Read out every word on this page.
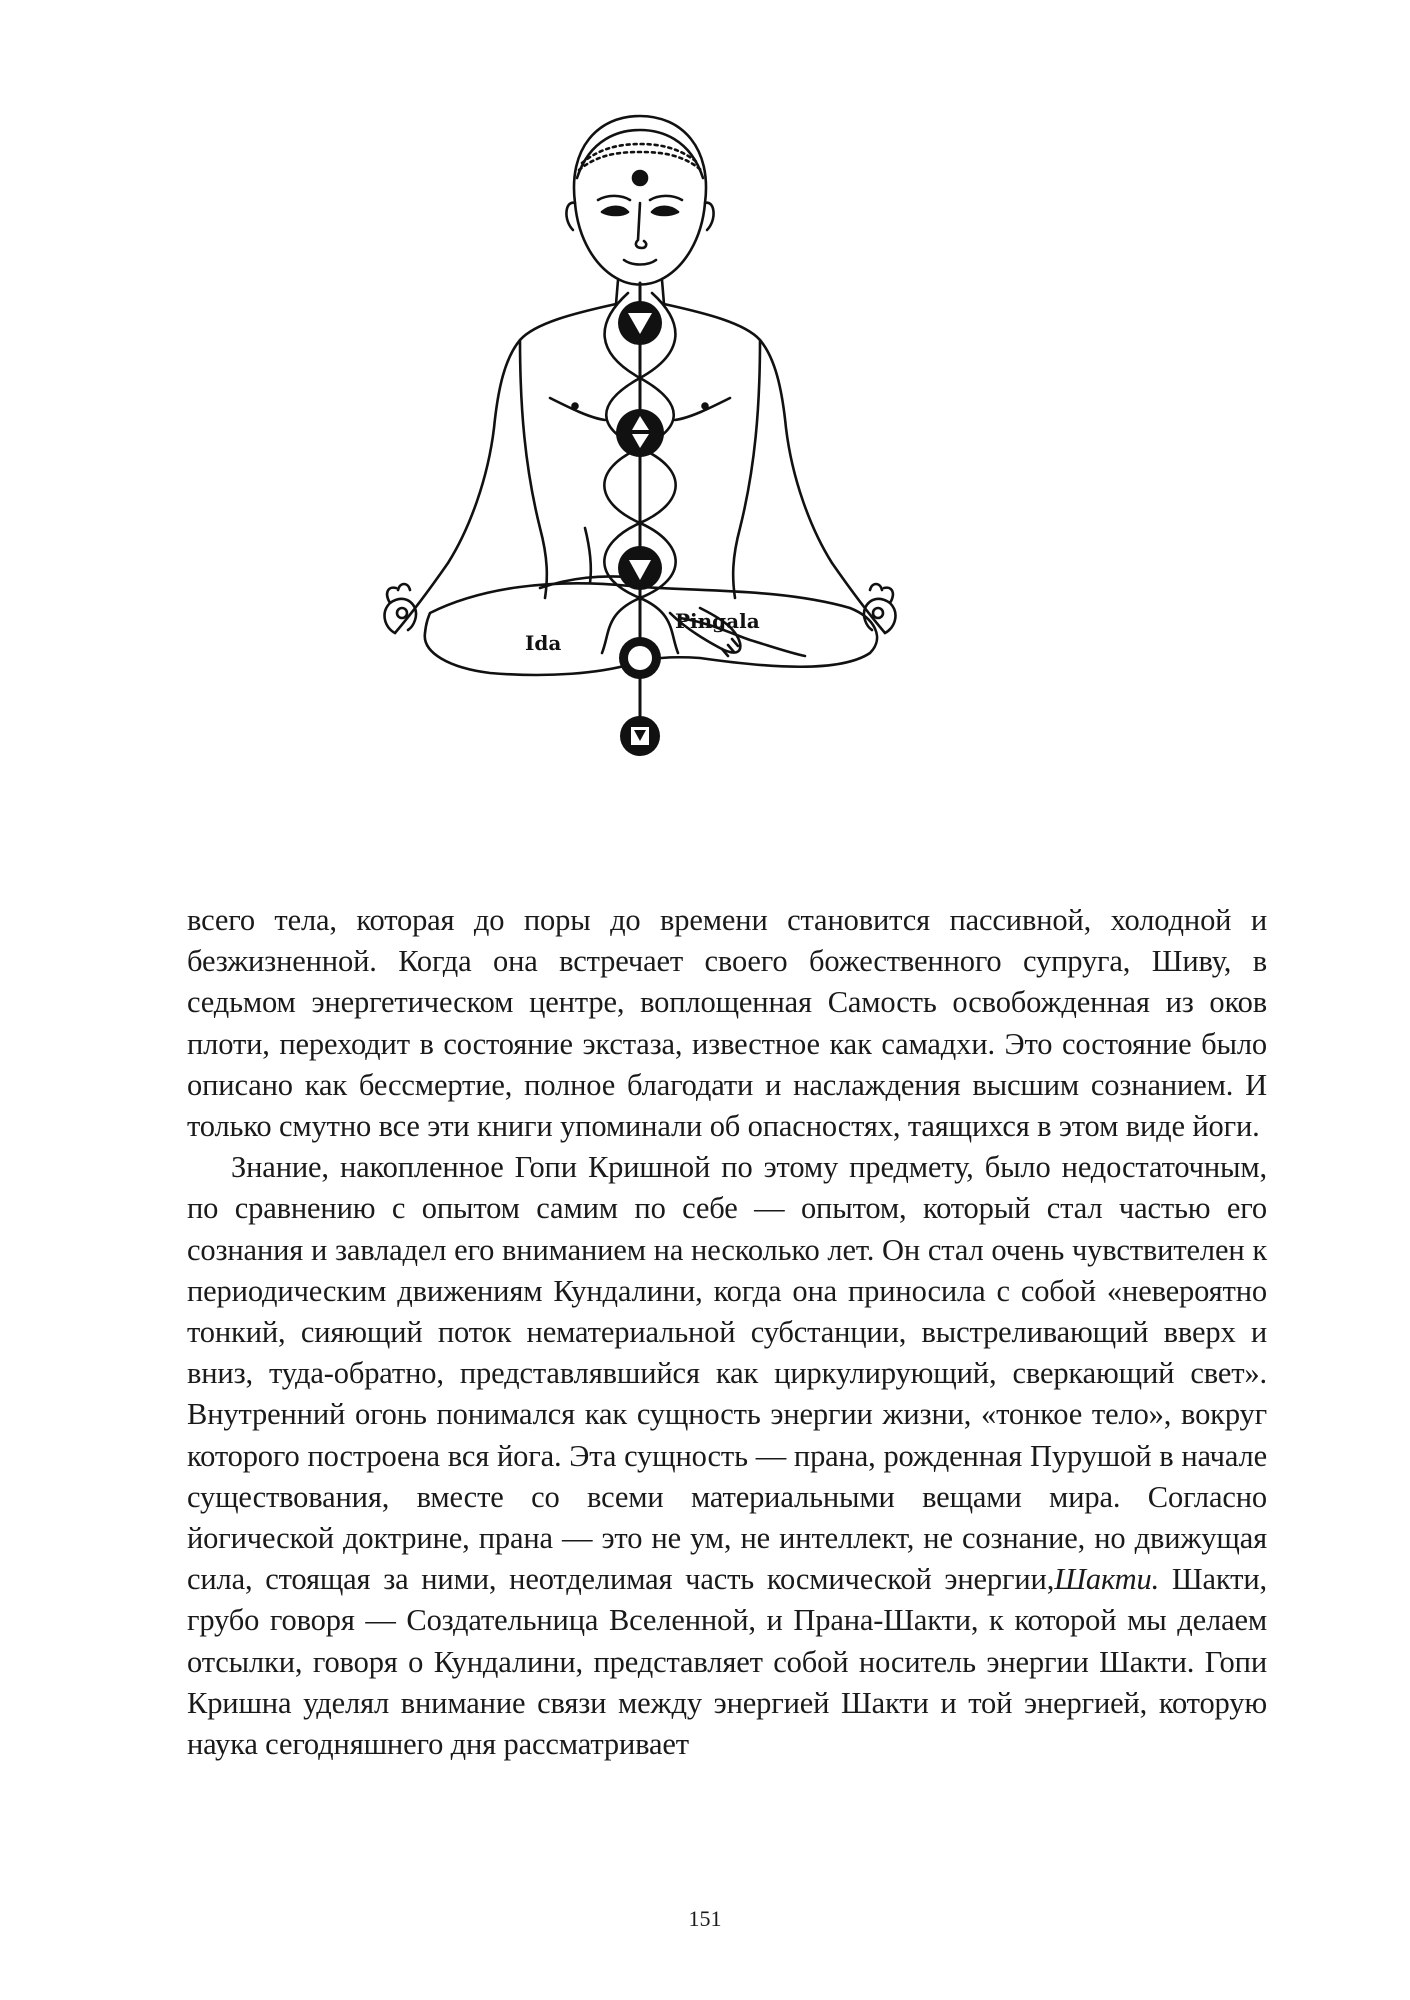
Ida
Pingala

всего тела, которая до поры до времени становится пассивной, холодной и безжизненной. Когда она встречает своего божественного супруга, Шиву, в седьмом энергетическом центре, воплощенная Самость освобожденная из оков плоти, переходит в состояние экстаза, известное как самадхи. Это состояние было описано как бессмертие, полное благодати и наслаждения высшим сознанием. И только смутно все эти книги упоминали об опасностях, таящихся в этом виде йоги.

Знание, накопленное Гопи Кришной по этому предмету, было недостаточным, по сравнению с опытом самим по себе — опытом, который стал частью его сознания и завладел его вниманием на несколько лет. Он стал очень чувствителен к периодическим движениям Кундалини, когда она приносила с собой «невероятно тонкий, сияющий поток нематериальной субстанции, выстреливающий вверх и вниз, туда-обратно, представлявшийся как циркулирующий, сверкающий свет». Внутренний огонь понимался как сущность энергии жизни, «тонкое тело», вокруг которого построена вся йога. Эта сущность — прана, рожденная Пурушой в начале существования, вместе со всеми материальными вещами мира. Согласно йогической доктрине, прана — это не ум, не интеллект, не сознание, но движущая сила, стоящая за ними, неотделимая часть космической энергии,Шакти. Шакти, грубо говоря — Создательница Вселенной, и Прана-Шакти, к которой мы делаем отсылки, говоря о Кундалини, представляет собой носитель энергии Шакти. Гопи Кришна уделял внимание связи между энергией Шакти и той энергией, которую наука сегодняшнего дня рассматривает

151
